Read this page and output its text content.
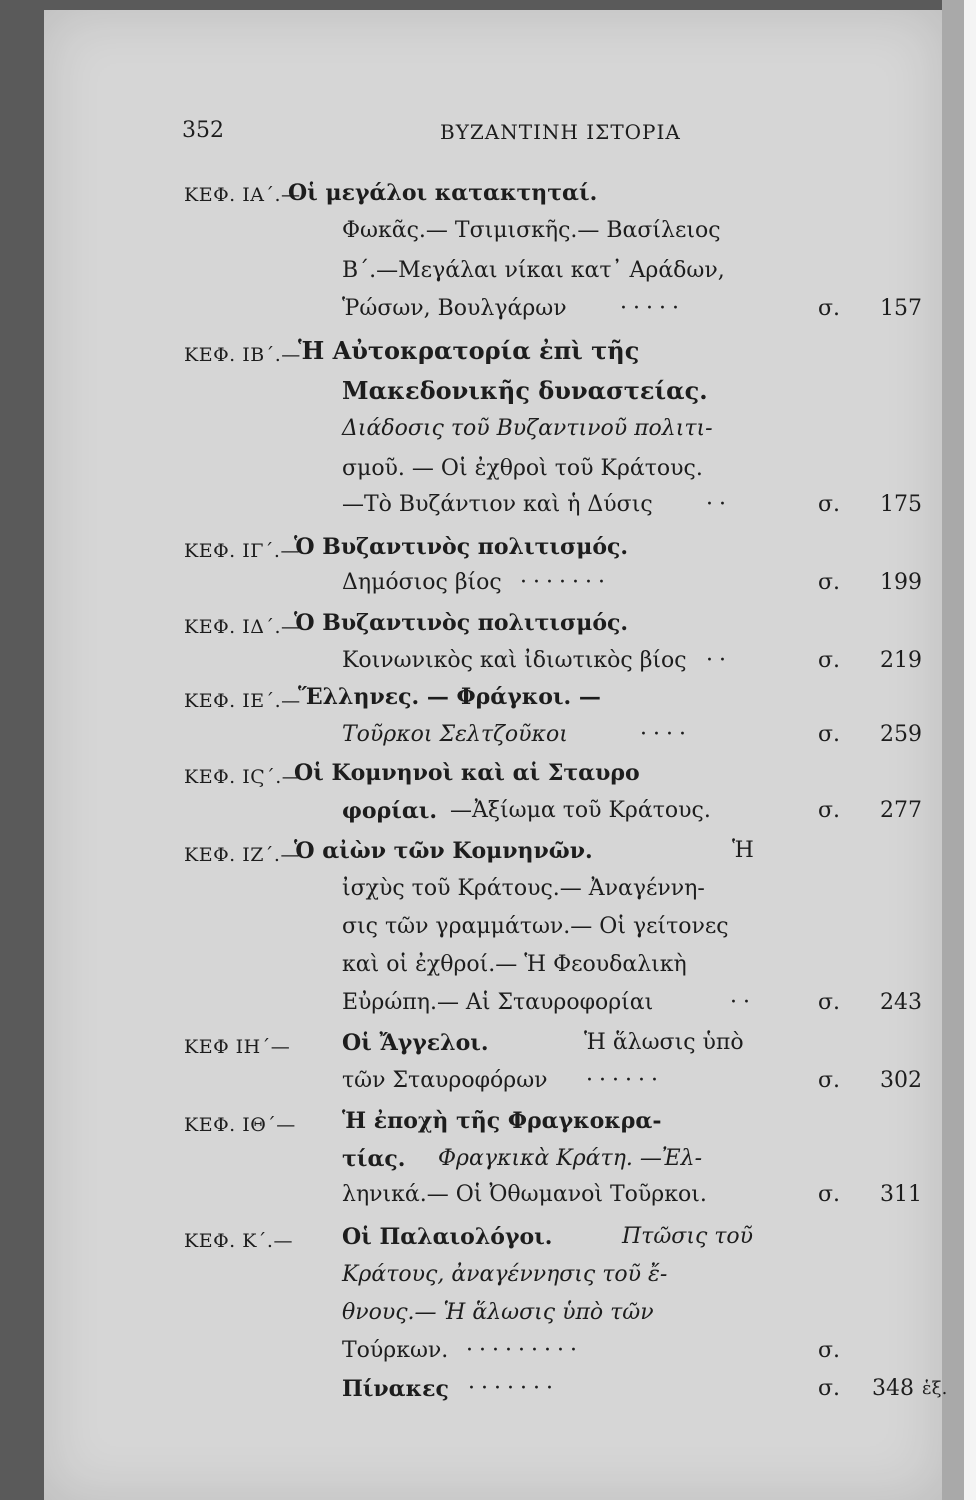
352	ΒΥΖΑΝΤΙΝΗ ΙΣΤΟΡΙΑ
ΚΕΦ. ΙΑ΄.—
Οἱ μεγάλοι κατακτηταί.
Φωκᾶς.— Τσιμισκῆς.— Βασίλειος
Β΄.—Μεγάλαι νίκαι κατ᾽ Αράδων,
Ῥώσων, Βουλγάρων ·····	σ. 157
ΚΕΦ. ΙΒ΄.—
Ἡ Αὐτοκρατορία ἐπὶ τῆς
Μακεδονικῆς δυναστείας.
Διάδοσις τοῦ Βυζαντινοῦ πολιτι-
σμοῦ. — Οἱ ἐχθροὶ τοῦ Κράτους.
—Τὸ Βυζάντιον καὶ ἡ Δύσις ··	σ. 175
ΚΕΦ. ΙΓ΄.—
Ὁ Βυζαντινὸς πολιτισμός.
Δημόσιος βίος ·······	σ. 199
ΚΕΦ. ΙΔ΄.—
Ὁ Βυζαντινὸς πολιτισμός.
Κοινωνικὸς καὶ ἰδιωτικὸς βίος ··	σ. 219
ΚΕΦ. ΙΕ΄.—
Ἕλληνες. — Φράγκοι. —
Τοῦρκοι Σελτζοῦκοι	····	σ. 259
ΚΕΦ. ΙϚ΄.—
Οἱ Κομνηνοὶ καὶ αἱ Σταυρο
φορίαι. —Ἀξίωμα τοῦ Κράτους.	σ. 277
ΚΕΦ. ΙΖ΄.—
Ὁ αἰὼν τῶν Κομνηνῶν.	Ἡ
ἰσχὺς τοῦ Κράτους.— Ἀναγέννη-
σις τῶν γραμμάτων.— Οἱ γείτονες
καὶ οἱ ἐχθροί.— Ἡ Φεουδαλικὴ
Εὐρώπη.— Αἱ Σταυροφορίαι	··	σ. 243
ΚΕΦ ΙΗ΄— Οἱ Ἄγγελοι.	Ἡ ἅλωσις ὑπὸ
τῶν Σταυροφόρων ······	σ. 302
ΚΕΦ. ΙΘ΄— Ἡ ἐποχὴ τῆς Φραγκοκρα-
τίας. Φραγκικὰ Κράτη. —Ἐλ-
ληνικά.— Οἱ Ὀθωμανοὶ Τοῦρκοι.	σ. 311
ΚΕΦ. Κ΄.— Οἱ Παλαιολόγοι.	Πτῶσις τοῦ
Κράτους, ἀναγέννησις τοῦ ἔ-
θνους.— Ἡ ἅλωσις ὑπὸ τῶν
Τούρκων. ·········	σ.
Πίνακες ·······	σ. 348 ἑξ.
